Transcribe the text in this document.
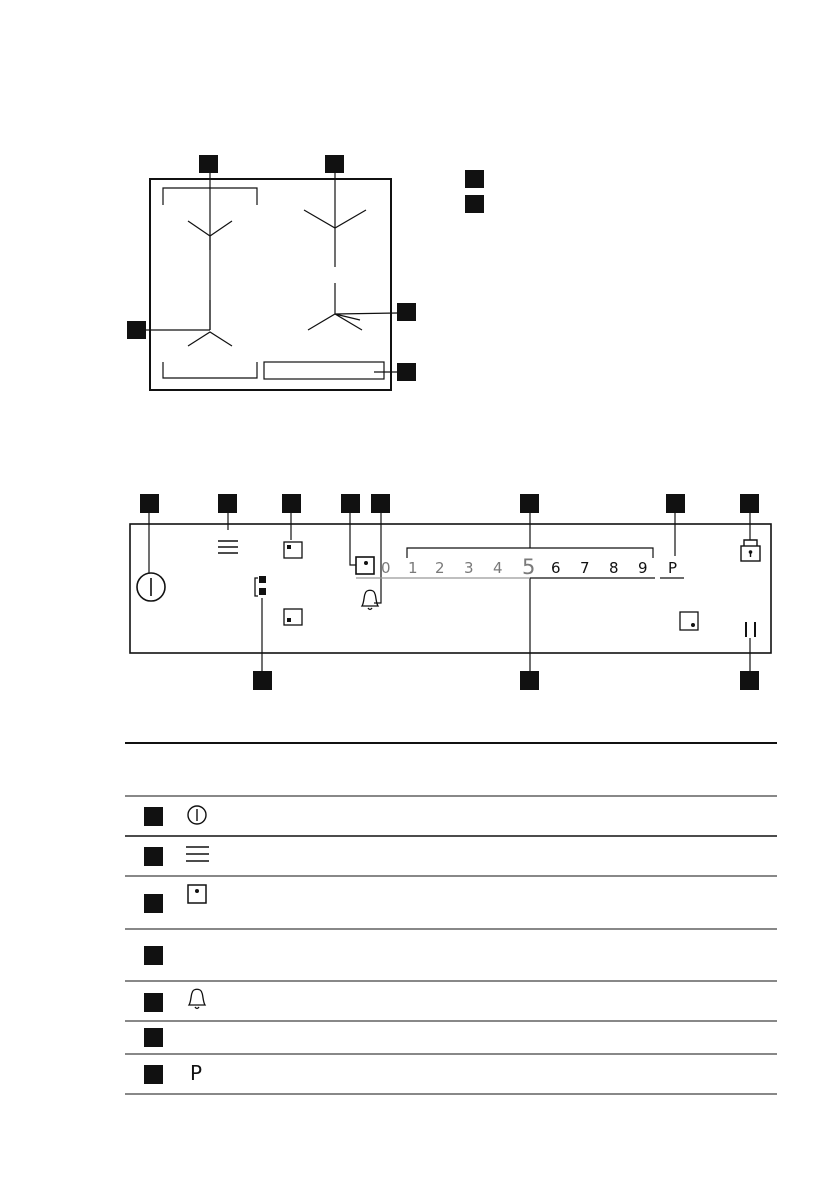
0 1 2 3 4 5 6 7 8 9 P
P
